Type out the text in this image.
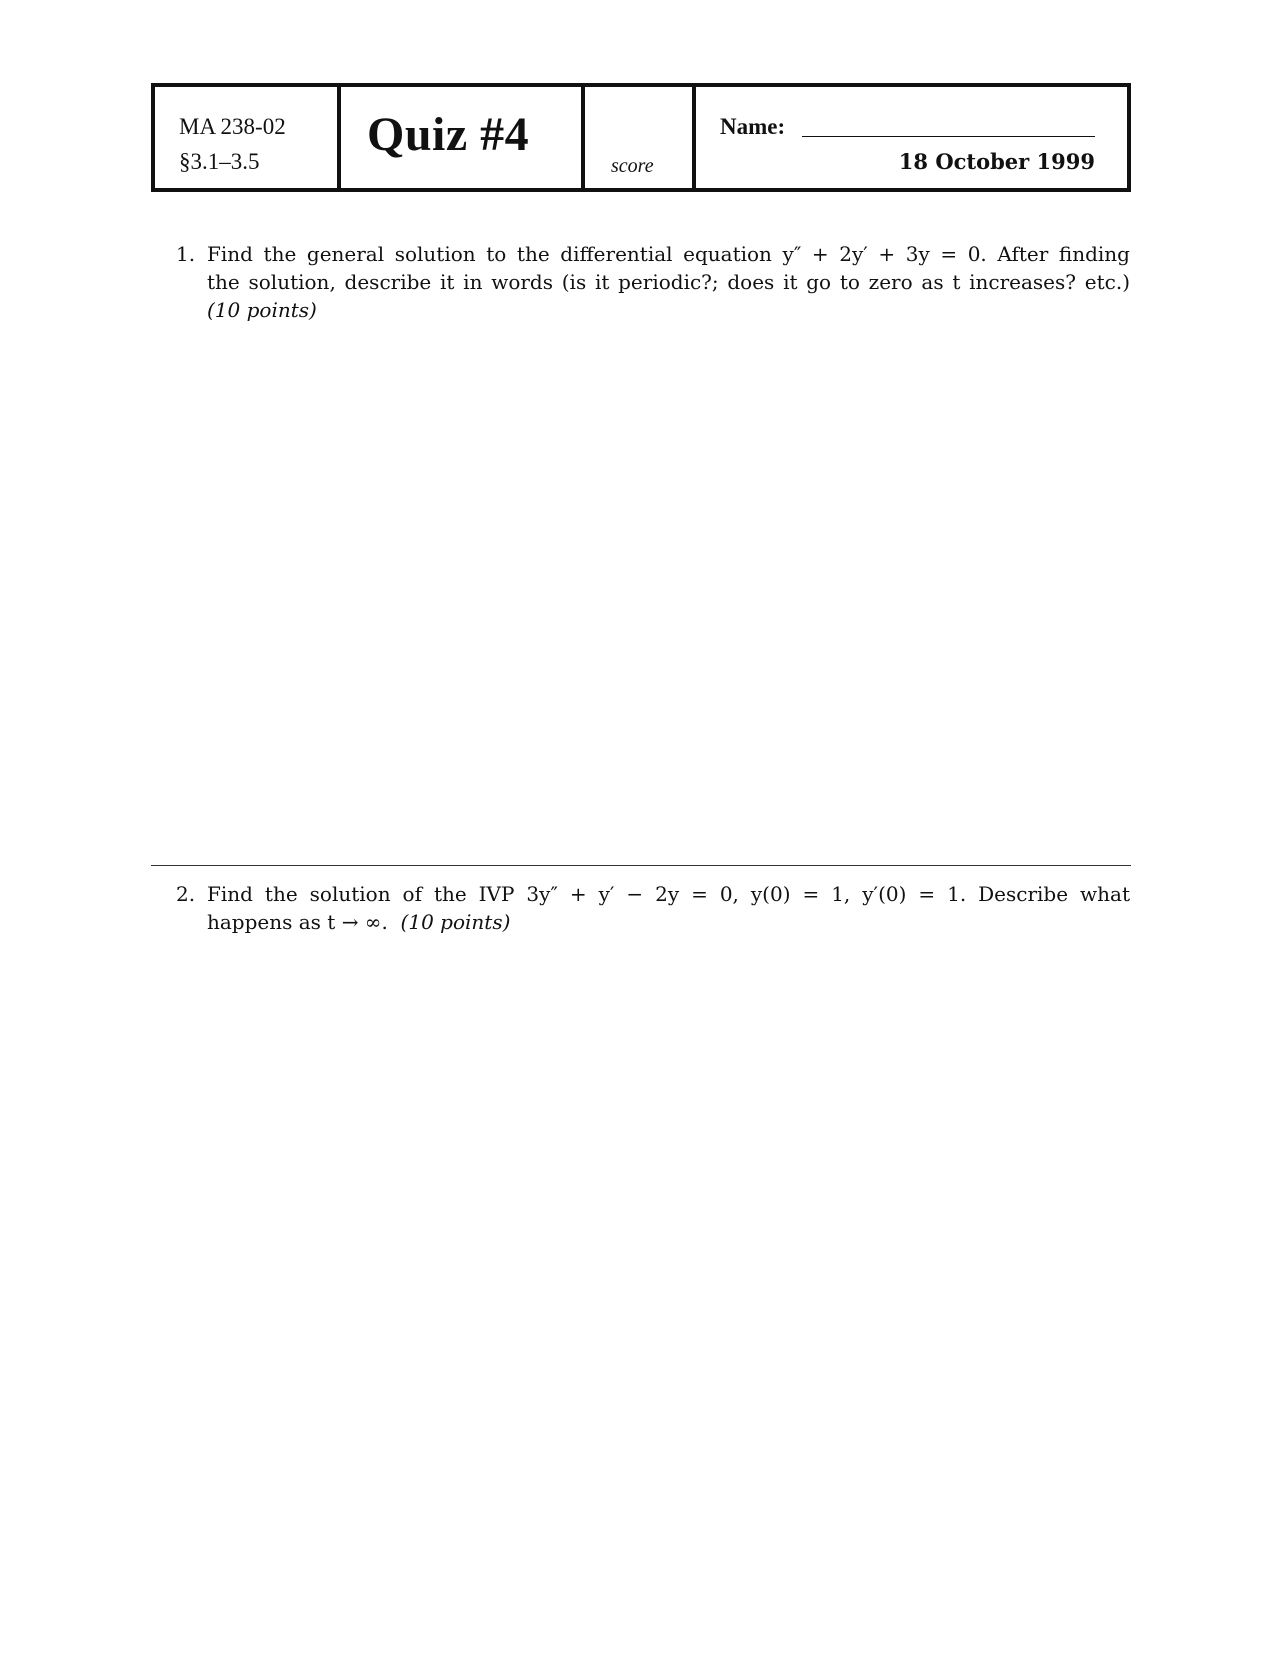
MA 238-02
§3.1–3.5
Quiz #4
score
Name:
18 October 1999
1. Find the general solution to the differential equation y″ + 2y′ + 3y = 0. After finding
the solution, describe it in words (is it periodic?; does it go to zero as t increases? etc.)
(10 points)
2. Find the solution of the IVP 3y″ + y′ − 2y = 0, y(0) = 1, y′(0) = 1. Describe what
happens as t → ∞. (10 points)
